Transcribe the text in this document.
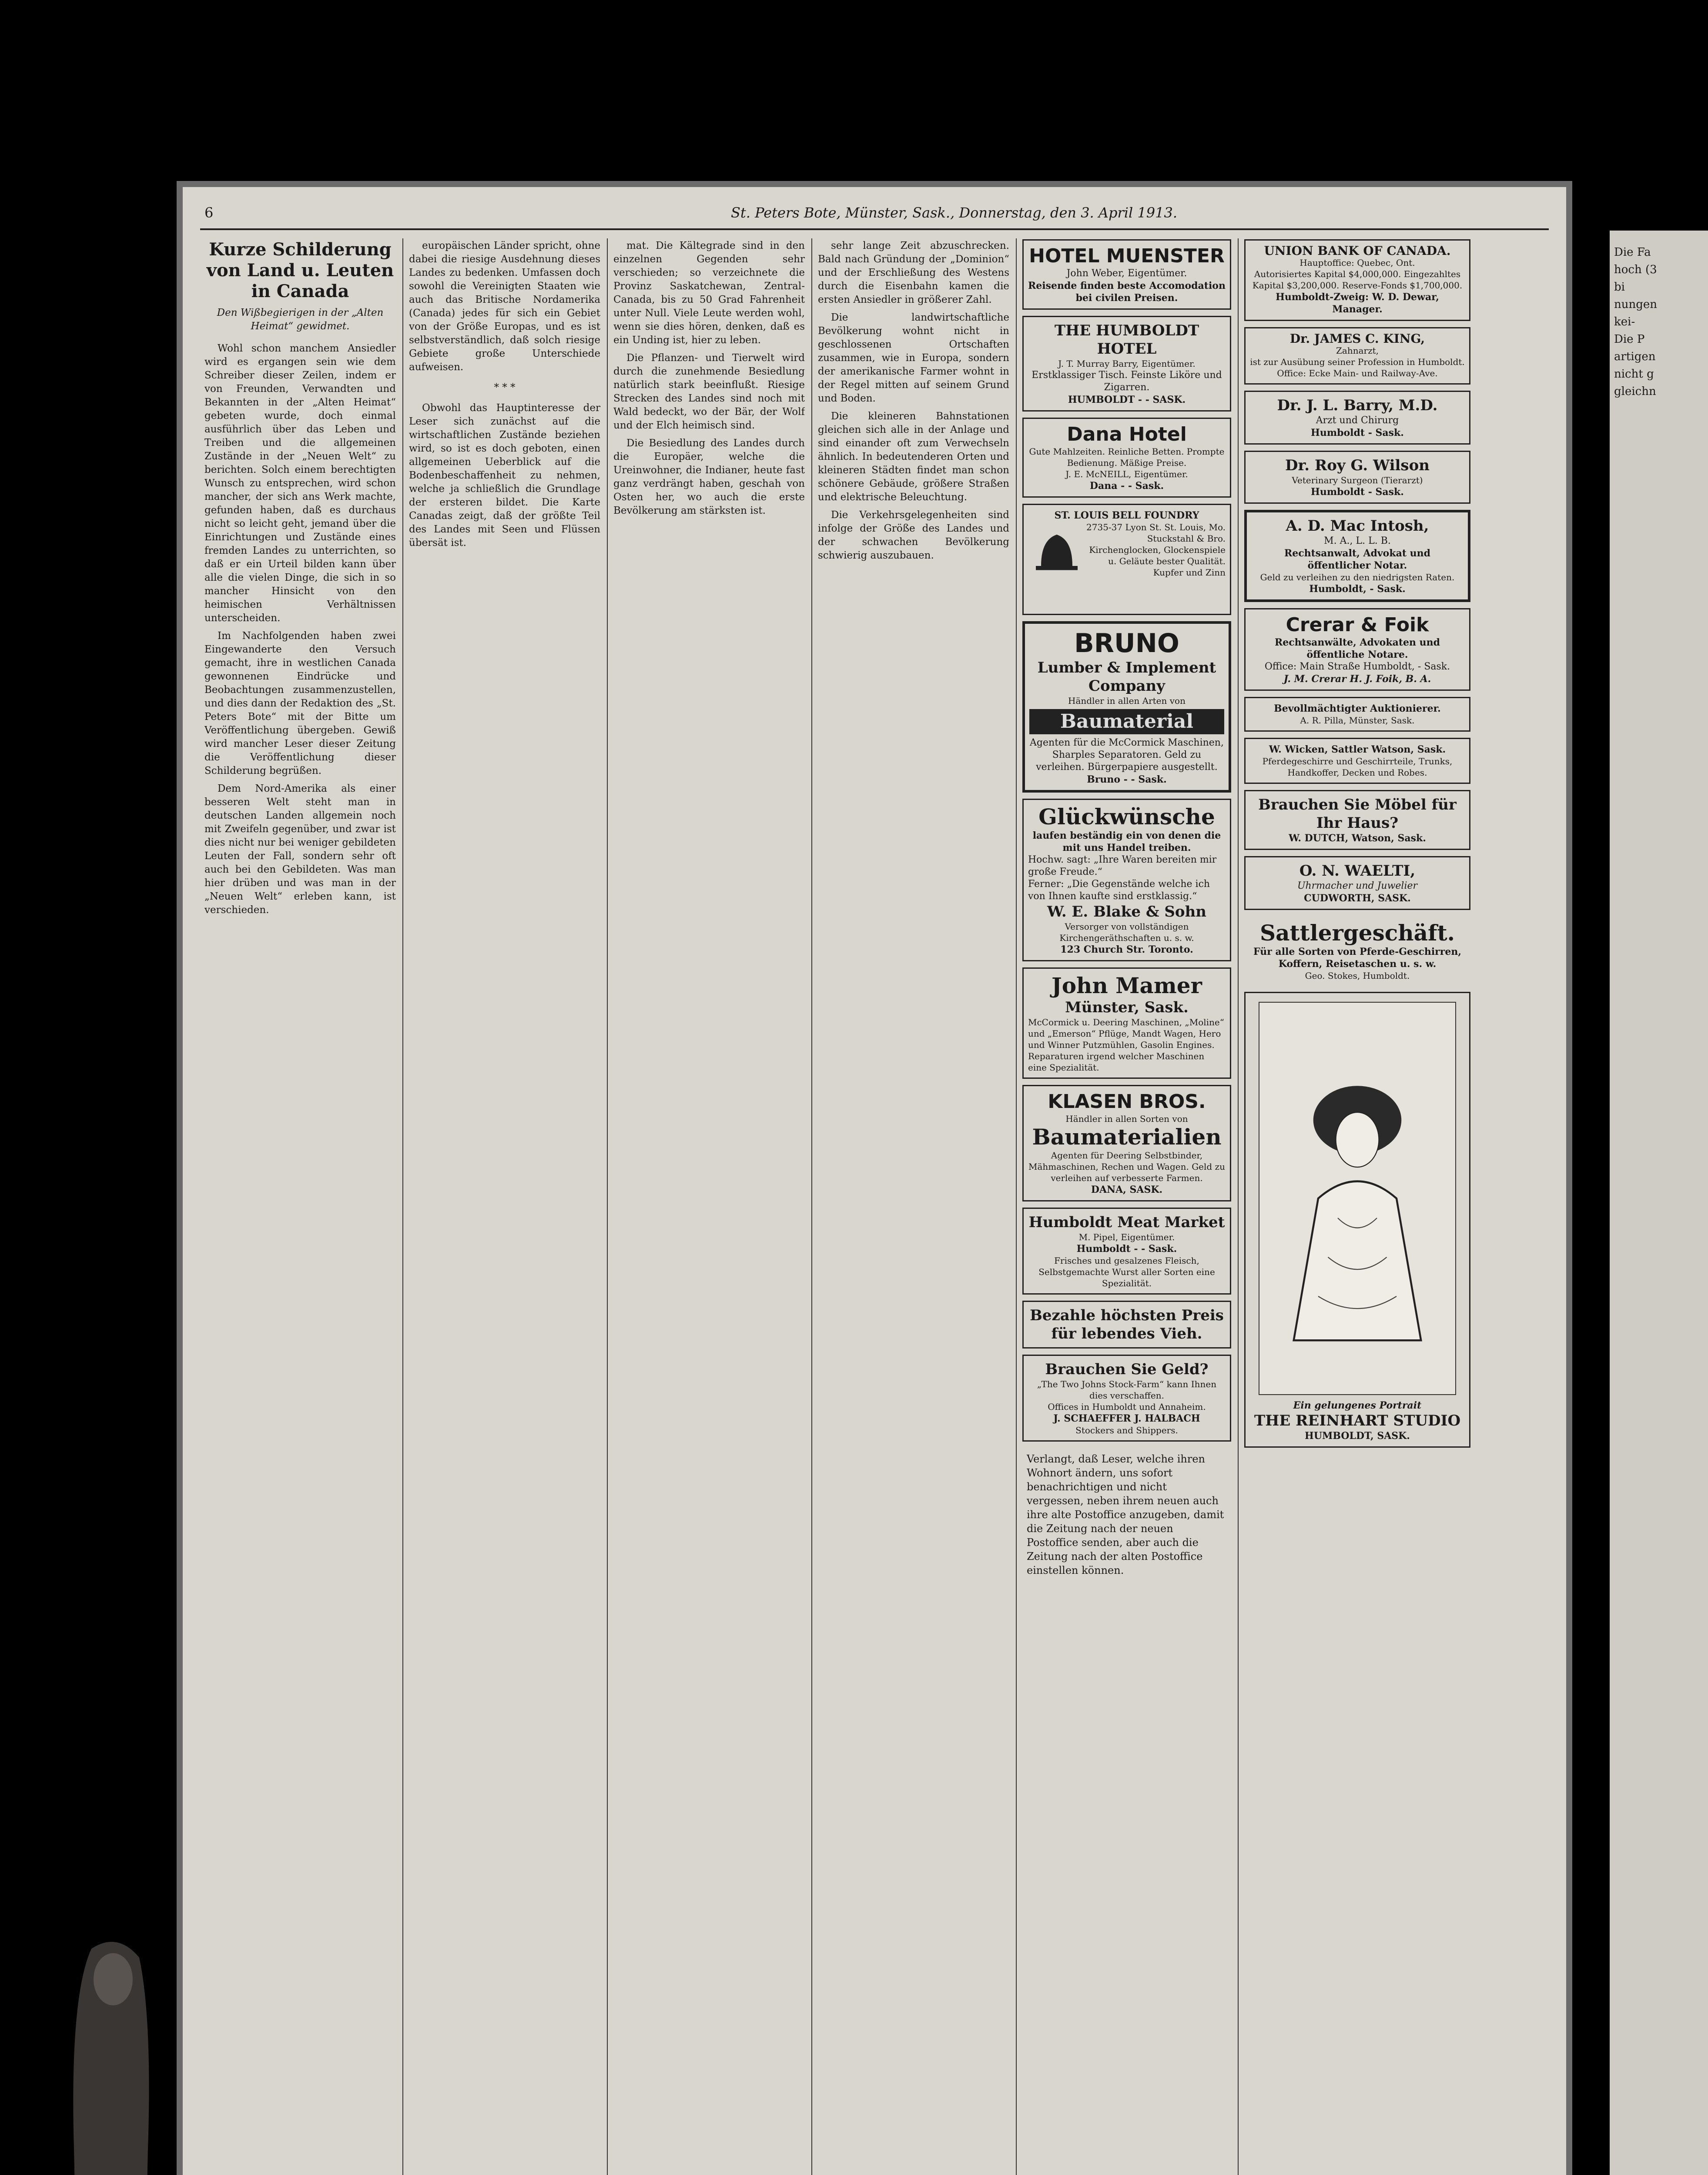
6	St. Peters Bote, Münster, Sask., Donnerstag, den 3. April 1913.
Kurze Schilderung von Land u. Leuten in Canada
Den Wißbegierigen in der „Alten Heimat“ gewidmet.

Wohl schon manchem Ansiedler wird es ergangen sein wie dem Schreiber dieser Zeilen, indem er von Freunden, Verwandten und Bekannten in der „Alten Heimat“ gebeten wurde, doch einmal ausführlich über das Leben und Treiben und die allgemeinen Zustände in der „Neuen Welt“ zu berichten. Solch einem berechtigten Wunsch zu entsprechen, wird schon mancher, der sich ans Werk machte, gefunden haben, daß es durchaus nicht so leicht geht, jemand über die Einrichtungen und Zustände eines fremden Landes zu unterrichten, so daß er ein Urteil bilden kann über alle die vielen Dinge, die sich in so mancher Hinsicht von den heimischen Verhältnissen unterscheiden.

Im Nachfolgenden haben zwei Eingewanderte den Versuch gemacht, ihre in westlichen Canada gewonnenen Eindrücke und Beobachtungen zusammenzustellen, und dies dann der Redaktion des „St. Peters Bote“ mit der Bitte um Veröffentlichung übergeben. Gewiß wird mancher Leser dieser Zeitung die Veröffentlichung dieser Schilderung begrüßen.

Dem Nord-Amerika als einer besseren Welt steht man in deutschen Landen allgemein noch mit Zweifeln gegenüber, und zwar ist dies nicht nur bei weniger gebildeten Leuten der Fall, sondern sehr oft auch bei den Gebildeten. Was man hier drüben und was man in der „Neuen Welt“ erleben kann, ist verschieden.

europäischen Länder spricht, ohne dabei die riesige Ausdehnung dieses Landes zu bedenken. Umfassen doch sowohl die Vereinigten Staaten wie auch das Britische Nordamerika (Canada) jedes für sich ein Gebiet von der Größe Europas, und es ist selbstverständlich, daß solch riesige Gebiete große Unterschiede aufweisen.

* * *

Obwohl das Hauptinteresse der Leser sich zunächst auf die wirtschaftlichen Zustände beziehen wird, so ist es doch geboten, einen allgemeinen Ueberblick auf die Bodenbeschaffenheit zu nehmen, welche ja schließlich die Grundlage der ersteren bildet. Die Karte Canadas zeigt, daß der größte Teil des Landes mit Seen und Flüssen übersät ist.

mat. Die Kältegrade sind in den einzelnen Gegenden sehr verschieden; so verzeichnete die Provinz Saskatchewan, Zentral-Canada, bis zu 50 Grad Fahrenheit unter Null. Viele Leute werden wohl, wenn sie dies hören, denken, daß es ein Unding ist, hier zu leben.

Die Pflanzen- und Tierwelt wird durch die zunehmende Besiedlung natürlich stark beeinflußt. Riesige Strecken des Landes sind noch mit Wald bedeckt, wo der Bär, der Wolf und der Elch heimisch sind.

Die Besiedlung des Landes durch die Europäer, welche die Ureinwohner, die Indianer, heute fast ganz verdrängt haben, geschah von Osten her, wo auch die erste Bevölkerung am stärksten ist.

sehr lange Zeit abzuschrecken. Bald nach Gründung der „Dominion“ und der Erschließung des Westens durch die Eisenbahn kamen die ersten Ansiedler in größerer Zahl.

Die landwirtschaftliche Bevölkerung wohnt nicht in geschlossenen Ortschaften zusammen, wie in Europa, sondern der amerikanische Farmer wohnt in der Regel mitten auf seinem Grund und Boden.

Die kleineren Bahnstationen gleichen sich alle in der Anlage und sind einander oft zum Verwechseln ähnlich. In bedeutenderen Orten und kleineren Städten findet man schon schönere Gebäude, größere Straßen und elektrische Beleuchtung.

Die Verkehrsgelegenheiten sind infolge der Größe des Landes und der schwachen Bevölkerung schwierig auszubauen.

HOTEL MUENSTER
John Weber, Eigentümer.
Reisende finden beste Accomodation bei civilen Preisen.
THE HUMBOLDT HOTEL
J. T. Murray Barry, Eigentümer.
Erstklassiger Tisch. Feinste Liköre und Zigarren.
HUMBOLDT - - SASK.
Dana Hotel
Gute Mahlzeiten. Reinliche Betten. Prompte Bedienung. Mäßige Preise.
J. E. McNEILL, Eigentümer.
Dana - - Sask.
ST. LOUIS BELL FOUNDRY
2735-37 Lyon St. St. Louis, Mo. Stuckstahl & Bro. Kirchenglocken, Glockenspiele u. Geläute bester Qualität. Kupfer und Zinn
BRUNO
Lumber & Implement Company
Händler in allen Arten von
Baumaterial
Agenten für die McCormick Maschinen, Sharples Separatoren. Geld zu verleihen. Bürgerpapiere ausgestellt.
Bruno - - Sask.
Glückwünsche
laufen beständig ein von denen die mit uns Handel treiben.
Hochw. sagt: „Ihre Waren bereiten mir große Freude.“
Ferner: „Die Gegenstände welche ich von Ihnen kaufte sind erstklassig.“
W. E. Blake & Sohn
Versorger von vollständigen Kirchengeräthschaften u. s. w.
123 Church Str. Toronto.
John Mamer
Münster, Sask.
McCormick u. Deering Maschinen, „Moline“ und „Emerson“ Pflüge, Mandt Wagen, Hero und Winner Putzmühlen, Gasolin Engines. Reparaturen irgend welcher Maschinen eine Spezialität.
KLASEN BROS.
Händler in allen Sorten von
Baumaterialien
Agenten für Deering Selbstbinder, Mähmaschinen, Rechen und Wagen. Geld zu verleihen auf verbesserte Farmen.
DANA, SASK.
Humboldt Meat Market
M. Pipel, Eigentümer.
Humboldt - - Sask.
Frisches und gesalzenes Fleisch, Selbstgemachte Wurst aller Sorten eine Spezialität.
Bezahle höchsten Preis für lebendes Vieh.
Brauchen Sie Geld?
„The Two Johns Stock-Farm“ kann Ihnen dies verschaffen.
Offices in Humboldt und Annaheim.
J. SCHAEFFER J. HALBACH
Stockers and Shippers.
Verlangt, daß Leser, welche ihren Wohnort ändern, uns sofort benachrichtigen und nicht vergessen, neben ihrem neuen auch ihre alte Postoffice anzugeben, damit die Zeitung nach der neuen Postoffice senden, aber auch die Zeitung nach der alten Postoffice einstellen können.
UNION BANK OF CANADA.
Hauptoffice: Quebec, Ont.
Autorisiertes Kapital $4,000,000. Eingezahltes Kapital $3,200,000. Reserve-Fonds $1,700,000.
Humboldt-Zweig: W. D. Dewar, Manager.
Dr. JAMES C. KING,
Zahnarzt,
ist zur Ausübung seiner Profession in Humboldt. Office: Ecke Main- und Railway-Ave.
Dr. J. L. Barry, M.D.
Arzt und Chirurg
Humboldt - Sask.
Dr. Roy G. Wilson
Veterinary Surgeon (Tierarzt)
Humboldt - Sask.
A. D. Mac Intosh,
M. A., L. L. B.
Rechtsanwalt, Advokat und öffentlicher Notar.
Geld zu verleihen zu den niedrigsten Raten.
Humboldt, - Sask.
Crerar & Foik
Rechtsanwälte, Advokaten und öffentliche Notare.
Office: Main Straße Humboldt, - Sask.
J. M. Crerar H. J. Foik, B. A.
Bevollmächtigter Auktionierer.
A. R. Pilla, Münster, Sask.
W. Wicken, Sattler Watson, Sask.
Pferdegeschirre und Geschirrteile, Trunks, Handkoffer, Decken und Robes.
Brauchen Sie Möbel für Ihr Haus?
W. DUTCH, Watson, Sask.
O. N. WAELTI,
Uhrmacher und Juwelier
CUDWORTH, SASK.
Sattlergeschäft.
Für alle Sorten von Pferde-Geschirren, Koffern, Reisetaschen u. s. w.
Geo. Stokes, Humboldt.
Ein gelungenes Portrait
THE REINHART STUDIO
HUMBOLDT, SASK.
Die Fa
hoch (3
bi
nungen
kei-
Die P
artigen
nicht g
gleichn
